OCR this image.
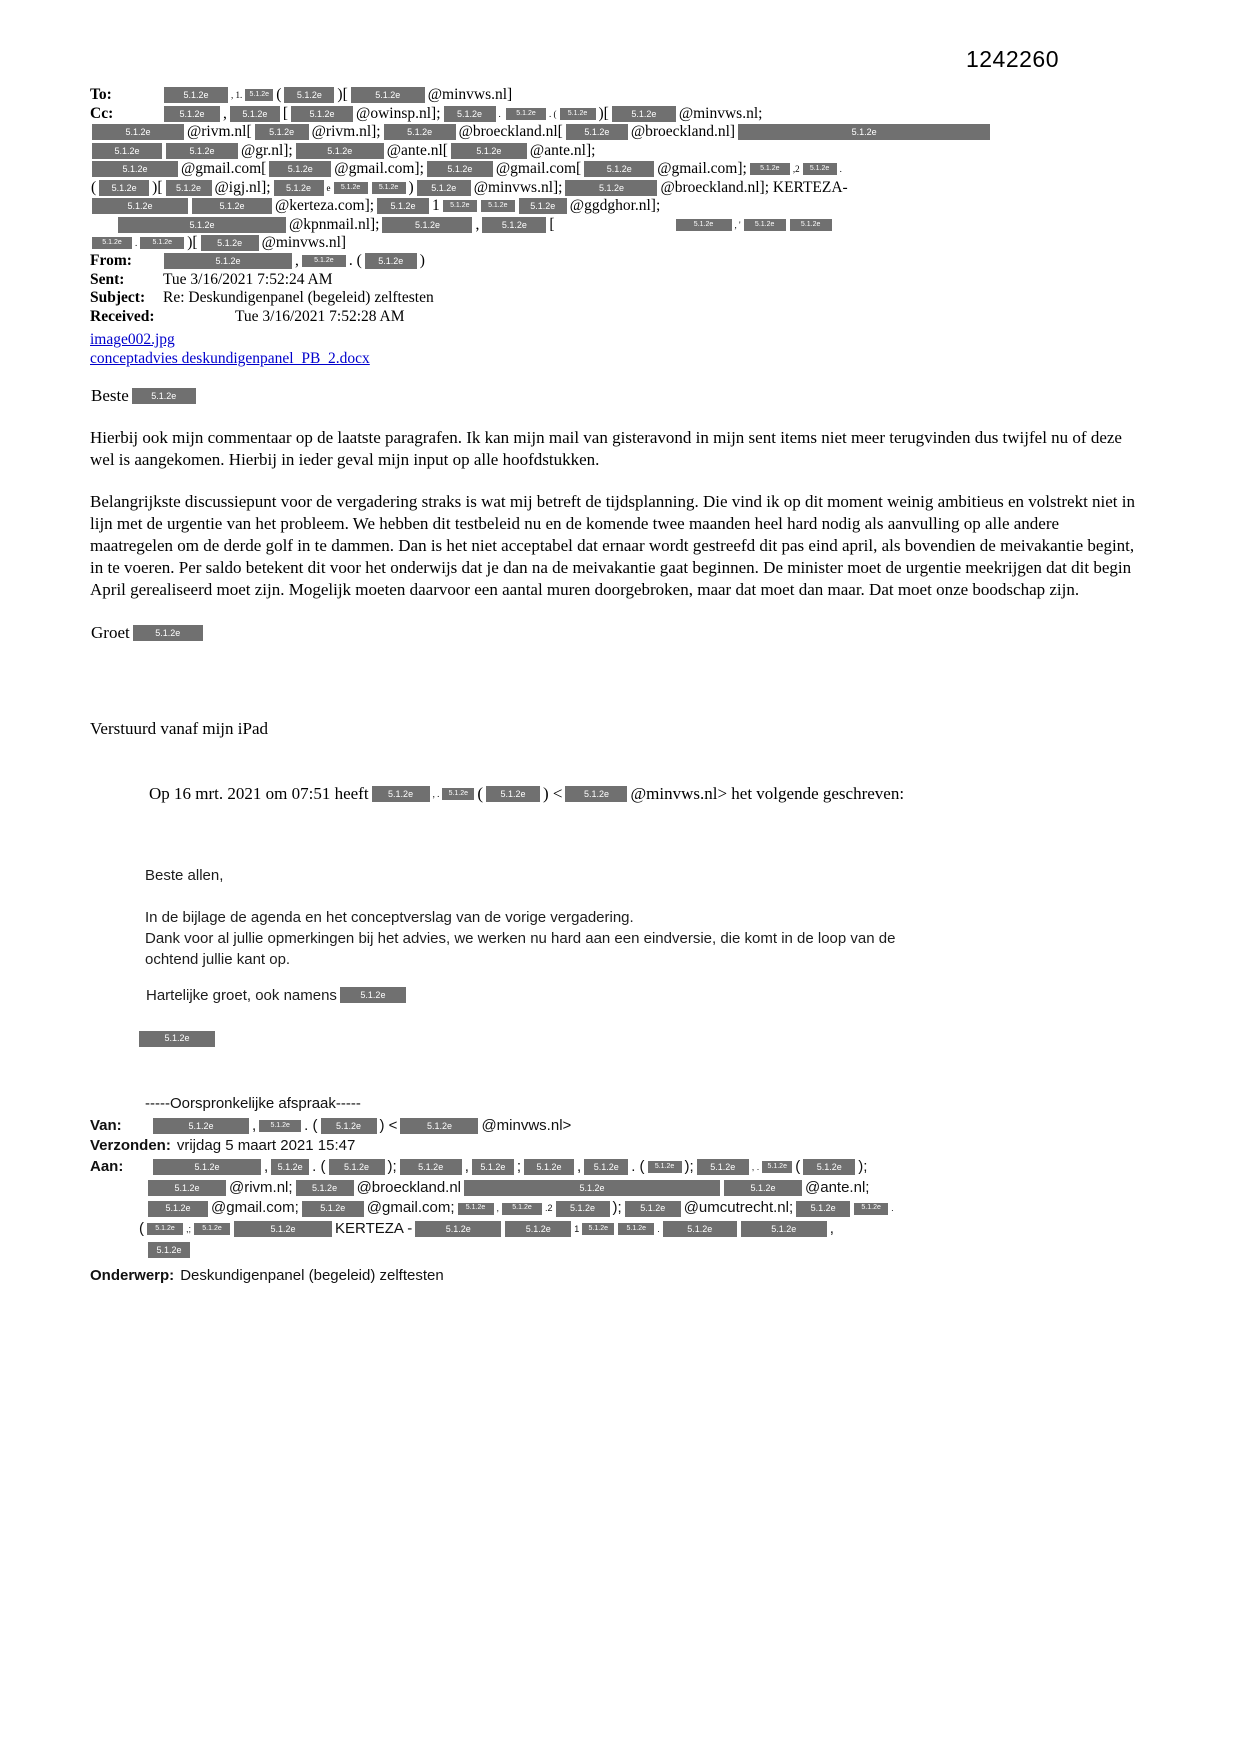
1242260
To:	5.1.2e , 1. 5.1.2e ( 5.1.2e )[	5.1.2e @minvws.nl]
Cc:	5.1.2e , 5.1.2e [ 5.1.2e @owinsp.nl]; 5.1.2e . 5.1.2e . ( 5.1.2e )[ 5.1.2e @minvws.nl;
5.1.2e @rivm.nl[ 5.1.2e @rivm.nl];	5.1.2e @broeckland.nl[ 5.1.2e @broeckland.nl]	5.1.2e
5.1.2e	5.1.2e @gr.nl];	5.1.2e @ante.nl[	5.1.2e @ante.nl];
5.1.2e @gmail.com[ 5.1.2e @gmail.com];	5.1.2e @gmail.com[	5.1.2e @gmail.com]; 5.1.2e ,2 5.1.2e .
( 5.1.2e )[ 5.1.2e @igj.nl]; 5.1.2e e 5.1.2e	5.1.2e ) 5.1.2e @minvws.nl];	5.1.2e @broeckland.nl]; KERTEZA-
5.1.2e	5.1.2e @kerteza.com]; 5.1.2e 1 5.1.2e	5.1.2e	5.1.2e @ggdghor.nl];
5.1.2e	@kpnmail.nl];	5.1.2e , 5.1.2e [	5.1.2e , ' 5.1.2e	5.1.2e
5.1.2e . 5.1.2e )[ 5.1.2e @minvws.nl]
From:	5.1.2e	, 5.1.2e . ( 5.1.2e )
Sent: Tue 3/16/2021 7:52:24 AM
Subject: Re: Deskundigenpanel (begeleid) zelftesten
Received:	Tue 3/16/2021 7:52:28 AM
image002.jpg
conceptadvies deskundigenpanel_PB_2.docx

Beste 5.1.2e

Hierbij ook mijn commentaar op de laatste paragrafen. Ik kan mijn mail van gisteravond in mijn sent items niet meer terugvinden dus twijfel nu of deze wel is aangekomen. Hierbij in ieder geval mijn input op alle hoofdstukken.

Belangrijkste discussiepunt voor de vergadering straks is wat mij betreft de tijdsplanning. Die vind ik op dit moment weinig ambitieus en volstrekt niet in lijn met de urgentie van het probleem. We hebben dit testbeleid nu en de komende twee maanden heel hard nodig als aanvulling op alle andere maatregelen om de derde golf in te dammen. Dan is het niet acceptabel dat ernaar wordt gestreefd dit pas eind april, als bovendien de meivakantie begint, in te voeren. Per saldo betekent dit voor het onderwijs dat je dan na de meivakantie gaat beginnen. De minister moet de urgentie meekrijgen dat dit begin April gerealiseerd moet zijn. Mogelijk moeten daarvoor een aantal muren doorgebroken, maar dat moet dan maar. Dat moet onze boodschap zijn.

Groet	5.1.2e

Verstuurd vanaf mijn iPad

Op 16 mrt. 2021 om 07:51 heeft 5.1.2e , . 5.1.2e ( 5.1.2e ) < 5.1.2e @minvws.nl> het volgende geschreven:

Beste allen,

In de bijlage de agenda en het conceptverslag van de vorige vergadering.

Dank voor al jullie opmerkingen bij het advies, we werken nu hard aan een eindversie, die komt in de loop van de ochtend jullie kant op.

Hartelijke groet, ook namens	5.1.2e

5.1.2e

-----Oorspronkelijke afspraak-----
Van:	5.1.2e	, 5.1.2e . ( 5.1.2e ) <	5.1.2e @minvws.nl>
Verzonden: vrijdag 5 maart 2021 15:47
Aan:	5.1.2e	, 5.1.2e . ( 5.1.2e ); 5.1.2e , 5.1.2e ; 5.1.2e , 5.1.2e . ( 5.1.2e ); 5.1.2e , . 5.1.2e ( 5.1.2e );
5.1.2e @rivm.nl; 5.1.2e @broeckland.nl	5.1.2e	5.1.2e @ante.nl;
5.1.2e @gmail.com; 5.1.2e @gmail.com; 5.1.2e , 5.1.2e .2 5.1.2e ); 5.1.2e @umcutrecht.nl; 5.1.2e	5.1.2e .
( 5.1.2e ,; 5.1.2e	5.1.2e	KERTEZA -	5.1.2e	5.1.2e	1 5.1.2e	5.1.2e .	5.1.2e	5.1.2e ,
5.1.2e
Onderwerp: Deskundigenpanel (begeleid) zelftesten
